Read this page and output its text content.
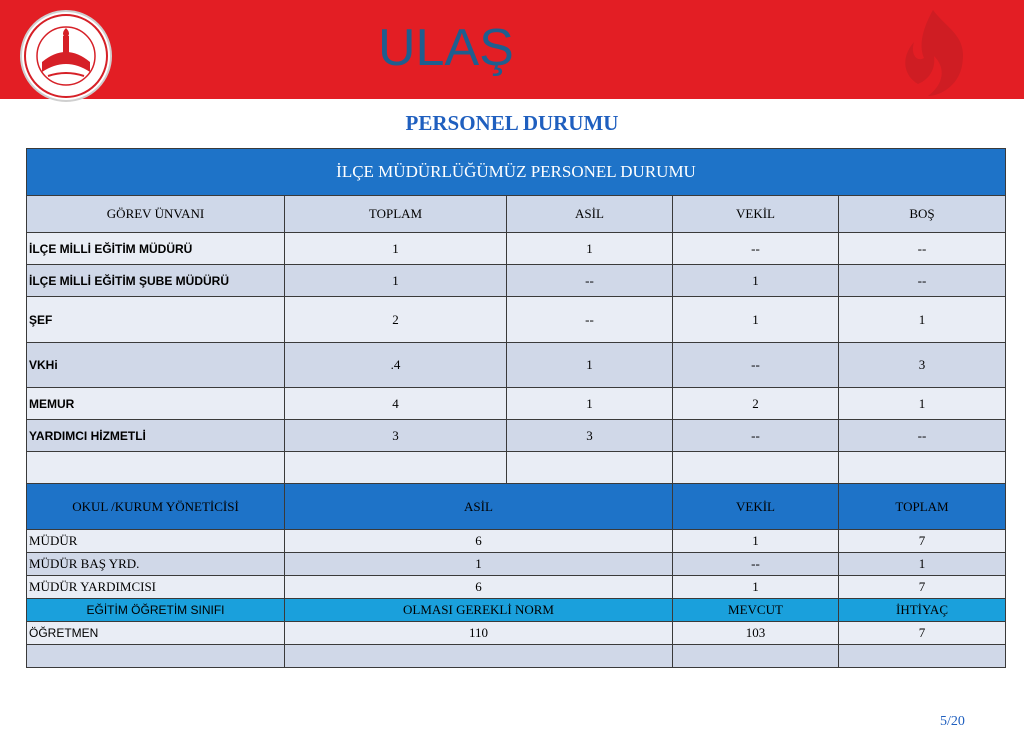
ULAŞ
PERSONEL DURUMU
İLÇE MÜDÜRLÜĞÜMÜZ PERSONEL DURUMU				
GÖREV ÜNVANI	TOPLAM	ASİL	VEKİL	BOŞ
İLÇE MİLLİ EĞİTİM MÜDÜRÜ	1	1	--	--
İLÇE MİLLİ EĞİTİM ŞUBE MÜDÜRÜ	1	--	1	--
ŞEF	2	--	1	1
VKHi	.4	1	--	3
MEMUR	4	1	2	1
YARDIMCI HİZMETLİ	3	3	--	--

OKUL /KURUM YÖNETİCİSİ	ASİL		VEKİL	TOPLAM
MÜDÜR	6		1	7
MÜDÜR BAŞ YRD.	1		--	1
MÜDÜR YARDIMCISI	6		1	7
EĞİTİM ÖĞRETİM SINIFI	OLMASI GEREKLİ NORM		MEVCUT	İHTİYAÇ
ÖĞRETMEN	110		103	7

5/20
